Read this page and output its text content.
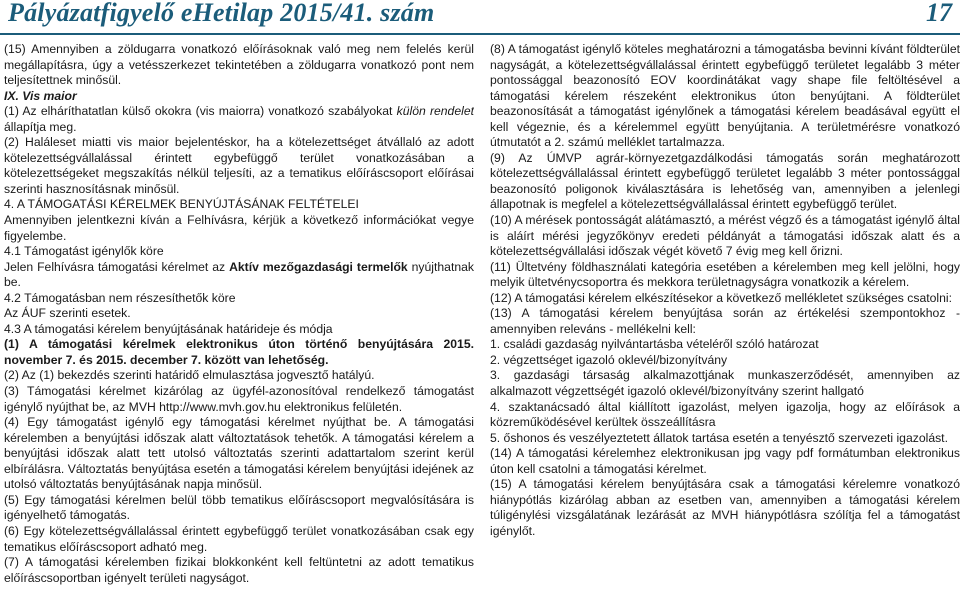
Pályázatfigyelő eHetilap 2015/41. szám	17

(15) Amennyiben a zöldugarra vonatkozó előírásoknak való meg nem felelés kerül megállapításra, úgy a vetésszerkezet tekintetében a zöldugarra vonatkozó pont nem teljesítettnek minősül.

IX. Vis maior

(1) Az elháríthatatlan külső okokra (vis maiorra) vonatkozó szabályokat külön rendelet állapítja meg.

(2) Haláleset miatti vis maior bejelentéskor, ha a kötelezettséget átvállaló az adott kötelezettségvállalással érintett egybefüggő terület vonatkozásában a kötelezettségeket megszakítás nélkül teljesíti, az a tematikus előíráscsoport előírásai szerinti hasznosításnak minősül.

4. A TÁMOGATÁSI KÉRELMEK BENYÚJTÁSÁNAK FELTÉTELEI

Amennyiben jelentkezni kíván a Felhívásra, kérjük a következő információkat vegye figyelembe.

4.1 Támogatást igénylők köre

Jelen Felhívásra támogatási kérelmet az Aktív mezőgazdasági termelők nyújthatnak be.

4.2 Támogatásban nem részesíthetők köre

Az ÁUF szerinti esetek.

4.3 A támogatási kérelem benyújtásának határideje és módja

(1) A támogatási kérelmek elektronikus úton történő benyújtására 2015. november 7. és 2015. december 7. között van lehetőség.

(2) Az (1) bekezdés szerinti határidő elmulasztása jogvesztő hatályú.

(3) Támogatási kérelmet kizárólag az ügyfél-azonosítóval rendelkező támogatást igénylő nyújthat be, az MVH http://www.mvh.gov.hu elektronikus felületén.

(4) Egy támogatást igénylő egy támogatási kérelmet nyújthat be. A támogatási kérelemben a benyújtási időszak alatt változtatások tehetők. A támogatási kérelem a benyújtási időszak alatt tett utolsó változtatás szerinti adattartalom szerint kerül elbírálásra. Változtatás benyújtása esetén a támogatási kérelem benyújtási idejének az utolsó változtatás benyújtásának napja minősül.

(5) Egy támogatási kérelmen belül több tematikus előíráscsoport megvalósítására is igényelhető támogatás.

(6) Egy kötelezettségvállalással érintett egybefüggő terület vonatkozásában csak egy tematikus előíráscsoport adható meg.

(7) A támogatási kérelemben fizikai blokkonként kell feltüntetni az adott tematikus előíráscsoportban igényelt területi nagyságot.

(8) A támogatást igénylő köteles meghatározni a támogatásba bevinni kívánt földterület nagyságát, a kötelezettségvállalással érintett egybefüggő területet legalább 3 méter pontossággal beazonosító EOV koordinátákat vagy shape file feltöltésével a támogatási kérelem részeként elektronikus úton benyújtani. A földterület beazonosítását a támogatást igénylőnek a támogatási kérelem beadásával együtt el kell végeznie, és a kérelemmel együtt benyújtania. A területmérésre vonatkozó útmutatót a 2. számú melléklet tartalmazza.

(9) Az ÚMVP agrár-környezetgazdálkodási támogatás során meghatározott kötelezettségvállalással érintett egybefüggő területet legalább 3 méter pontossággal beazonosító poligonok kiválasztására is lehetőség van, amennyiben a jelenlegi állapotnak is megfelel a kötelezettségvállalással érintett egybefüggő terület.

(10) A mérések pontosságát alátámasztó, a mérést végző és a támogatást igénylő által is aláírt mérési jegyzőkönyv eredeti példányát a támogatási időszak alatt és a kötelezettségvállalási időszak végét követő 7 évig meg kell őrizni.

(11) Ültetvény földhasználati kategória esetében a kérelemben meg kell jelölni, hogy melyik ültetvénycsoportra és mekkora területnagyságra vonatkozik a kérelem.

(12) A támogatási kérelem elkészítésekor a következő mellékletet szükséges csatolni:

(13) A támogatási kérelem benyújtása során az értékelési szempontokhoz - amennyiben releváns - mellékelni kell:

1. családi gazdaság nyilvántartásba vételéről szóló határozat

2. végzettséget igazoló oklevél/bizonyítvány

3. gazdasági társaság alkalmazottjának munkaszerződését, amennyiben az alkalmazott végzettségét igazoló oklevél/bizonyítvány szerint hallgató

4. szaktanácsadó által kiállított igazolást, melyen igazolja, hogy az előírások a közreműködésével kerültek összeállításra

5. őshonos és veszélyeztetett állatok tartása esetén a tenyésztő szervezeti igazolást.

(14) A támogatási kérelemhez elektronikusan jpg vagy pdf formátumban elektronikus úton kell csatolni a támogatási kérelmet.

(15) A támogatási kérelem benyújtására csak a támogatási kérelemre vonatkozó hiánypótlás kizárólag abban az esetben van, amennyiben a támogatási kérelem túligénylési vizsgálatának lezárását az MVH hiánypótlásra szólítja fel a támogatást igénylőt.
